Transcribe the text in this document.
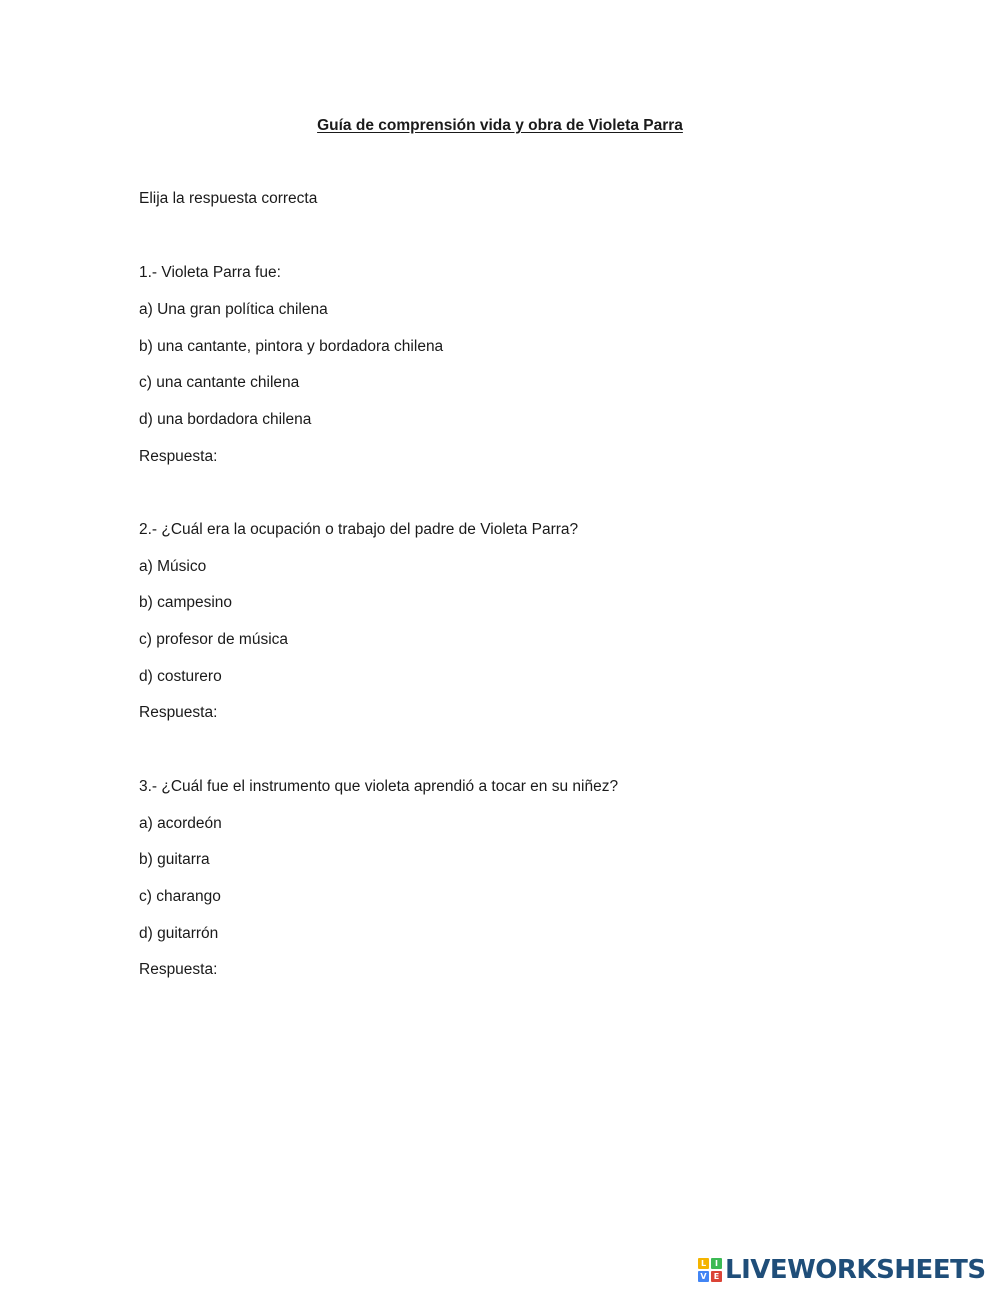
Guía de comprensión vida y obra de Violeta Parra
Elija la respuesta correcta
1.- Violeta Parra fue:
a) Una gran política chilena
b) una cantante, pintora y bordadora chilena
c) una cantante chilena
d) una bordadora chilena
Respuesta:
2.- ¿Cuál era la ocupación o trabajo del padre de Violeta Parra?
a) Músico
b) campesino
c) profesor de música
d) costurero
Respuesta:
3.- ¿Cuál fue el instrumento que violeta aprendió a tocar en su niñez?
a) acordeón
b) guitarra
c) charango
d) guitarrón
Respuesta:
L	I
V E LIVEWORKSHEETS
